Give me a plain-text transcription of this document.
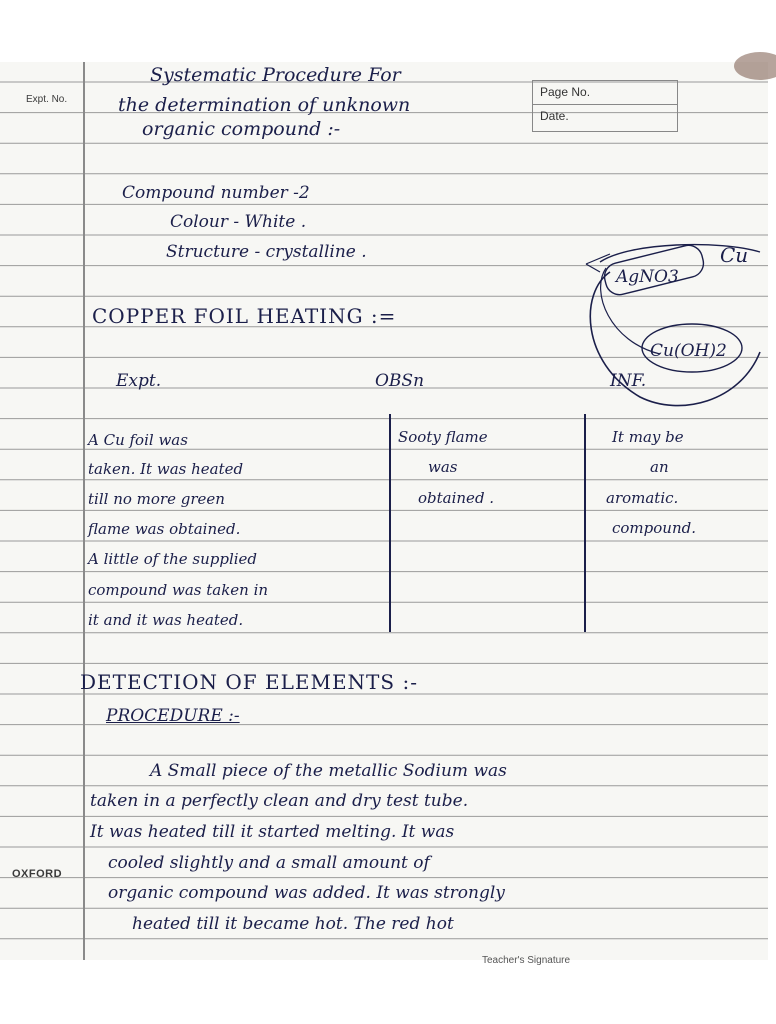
Expt. No.
OXFORD
Page No.
Date.
Systematic Procedure For
the determination of unknown
organic compound :-
Compound number -2
Colour - White .
Structure - crystalline .
AgNO3
Cu
Cu(OH)2
COPPER FOIL HEATING :=
Expt.	OBSn	INF.
A Cu foil was
taken. It was heated
till no more green
flame was obtained.
A little of the supplied
compound was taken in
it and it was heated.
Sooty flame
was
obtained .
It may be
an
aromatic.
compound.
DETECTION OF ELEMENTS :-
PROCEDURE :-
A Small piece of the metallic Sodium was
taken in a perfectly clean and dry test tube.
It was heated till it started melting. It was
cooled slightly and a small amount of
organic compound was added. It was strongly
heated till it became hot. The red hot
Teacher's Signature
